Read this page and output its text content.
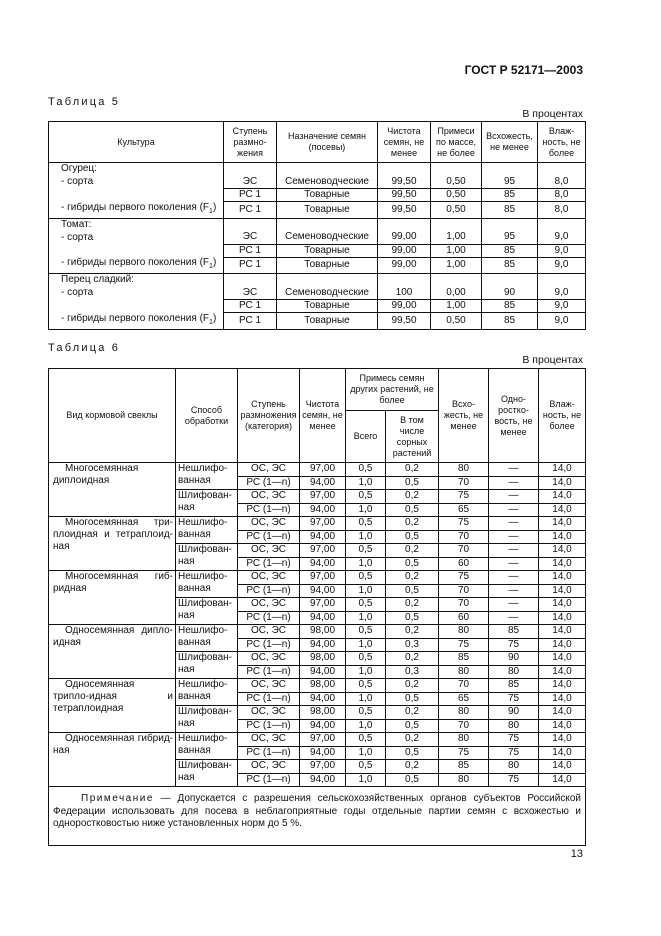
ГОСТ Р 52171—2003
Таблица 5
В процентах
Культура	Ступень размно-жения	Назначение семян (посевы)	Чистота семян, не менее	Примеси по массе, не более	Всхожесть, не менее	Влаж-ность, не более
Огурец:						
- сорта	ЭС	Семеноводческие	99,50	0,50	95	8,0
	РС 1	Товарные	99,50	0,50	85	8,0
- гибриды первого поколения $(F_1)$	РС 1	Товарные	99,50	0,50	85	8,0
Томат:						
- сорта	ЭС	Семеноводческие	99,00	1,00	95	9,0
	РС 1	Товарные	99,00	1,00	85	9,0
- гибриды первого поколения $(F_1)$	РС 1	Товарные	99,00	1,00	85	9,0
Перец сладкий:						
- сорта	ЭС	Семеноводческие	100	0,00	90	9,0
	РС 1	Товарные	99,00	1,00	85	9,0
- гибриды первого поколения $(F_1)$	РС 1	Товарные	99,50	0,50	85	9,0
Таблица 6
В процентах
Вид кормовой свеклы	Способ обработки	Ступень размножения (категория)	Чистота семян, не менее	Примесь семян других растений, не более		Всхо-жесть, не менее	Одно-ростко-вость, не менее	Влаж-ность, не более
				Всего	В том числе сорных растений			
Многосемянная диплоидная	Нешлифо-ванная	ОС, ЭС	97,00	0,5	0,2	80	—	14,0
		РС (1—n)	94,00	1,0	0,5	70	—	14,0
	Шлифован-ная	ОС, ЭС	97,00	0,5	0,2	75	—	14,0
		РС (1—n)	94,00	1,0	0,5	65	—	14,0
Многосемянная три-плоидная и тетраплоид-ная	Нешлифо-ванная	ОС, ЭС	97,00	0,5	0,2	75	—	14,0
		РС (1—n)	94,00	1,0	0,5	70	—	14,0
	Шлифован-ная	ОС, ЭС	97,00	0,5	0,2	70	—	14,0
		РС (1—n)	94,00	1,0	0,5	60	—	14,0
Многосемянная гиб-ридная	Нешлифо-ванная	ОС, ЭС	97,00	0,5	0,2	75	—	14,0
		РС (1—n)	94,00	1,0	0,5	70	—	14,0
	Шлифован-ная	ОС, ЭС	97,00	0,5	0,2	70	—	14,0
		РС (1—n)	94,00	1,0	0,5	60	—	14,0
Односемянная дипло-идная	Нешлифо-ванная	ОС, ЭС	98,00	0,5	0,2	80	85	14,0
		РС (1—n)	94,00	1,0	0,3	75	75	14,0
	Шлифован-ная	ОС, ЭС	98,00	0,5	0,2	85	90	14,0
		РС (1—n)	94,00	1,0	0,3	80	80	14,0
Односемянная трипло-идная и тетраплоидная	Нешлифо-ванная	ОС, ЭС	98,00	0,5	0,2	70	85	14,0
		РС (1—n)	94,00	1,0	0,5	65	75	14,0
	Шлифован-ная	ОС, ЭС	98,00	0,5	0,2	80	90	14,0
		РС (1—n)	94,00	1,0	0,5	70	80	14,0
Односемянная гибрид-ная	Нешлифо-ванная	ОС, ЭС	97,00	0,5	0,2	80	75	14,0
		РС (1—n)	94,00	1,0	0,5	75	75	14,0
	Шлифован-ная	ОС, ЭС	97,00	0,5	0,2	85	80	14,0
		РС (1—n)	94,00	1,0	0,5	80	75	14,0
Примечание — Допускается с разрешения сельскохозяйственных органов субъектов Российской Федерации использовать для посева в неблагоприятные годы отдельные партии семян с всхожестью и одноростковостью ниже установленных норм до 5 %.								
13
